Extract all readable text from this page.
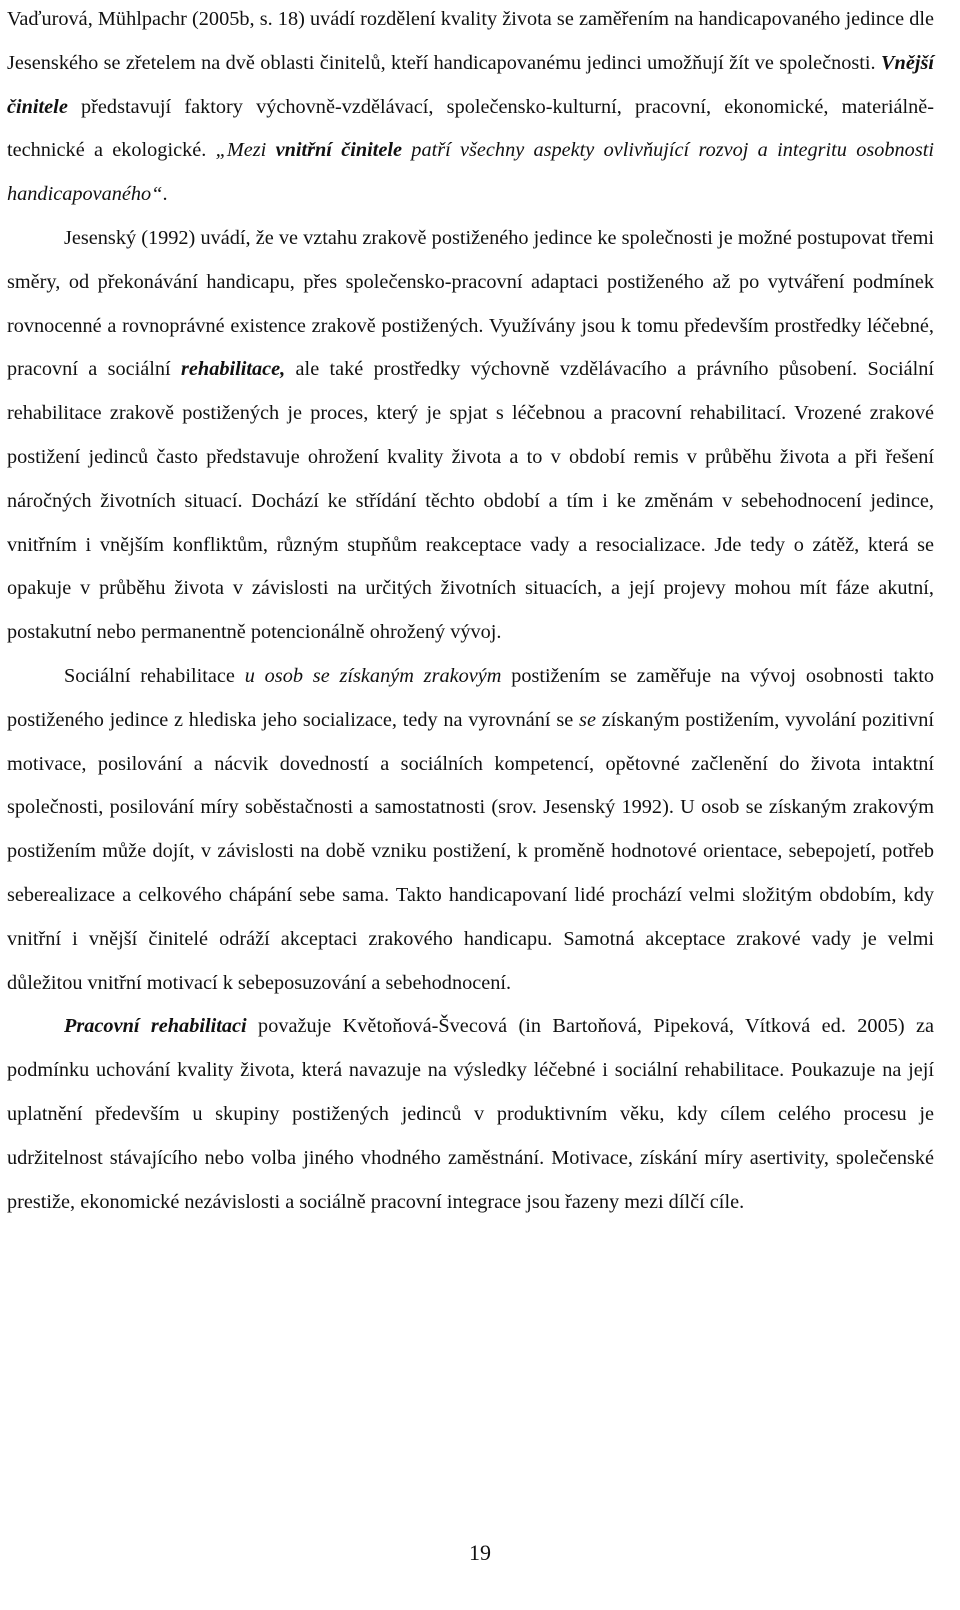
Vaďurová, Mühlpachr (2005b, s. 18) uvádí rozdělení kvality života se zaměřením na handicapovaného jedince dle Jesenského se zřetelem na dvě oblasti činitelů, kteří handicapovanému jedinci umožňují žít ve společnosti. Vnější činitele představují faktory výchovně-vzdělávací, společensko-kulturní, pracovní, ekonomické, materiálně-technické a ekologické. „Mezi vnitřní činitele patří všechny aspekty ovlivňující rozvoj a integritu osobnosti handicapovaného“.

Jesenský (1992) uvádí, že ve vztahu zrakově postiženého jedince ke společnosti je možné postupovat třemi směry, od překonávání handicapu, přes společensko-pracovní adaptaci postiženého až po vytváření podmínek rovnocenné a rovnoprávné existence zrakově postižených. Využívány jsou k tomu především prostředky léčebné, pracovní a sociální rehabilitace, ale také prostředky výchovně vzdělávacího a právního působení. Sociální rehabilitace zrakově postižených je proces, který je spjat s léčebnou a pracovní rehabilitací. Vrozené zrakové postižení jedinců často představuje ohrožení kvality života a to v období remis v průběhu života a při řešení náročných životních situací. Dochází ke střídání těchto období a tím i ke změnám v sebehodnocení jedince, vnitřním i vnějším konfliktům, různým stupňům reakceptace vady a resocializace. Jde tedy o zátěž, která se opakuje v průběhu života v závislosti na určitých životních situacích, a její projevy mohou mít fáze akutní, postakutní nebo permanentně potencionálně ohrožený vývoj.

Sociální rehabilitace u osob se získaným zrakovým postižením se zaměřuje na vývoj osobnosti takto postiženého jedince z hlediska jeho socializace, tedy na vyrovnání se se získaným postižením, vyvolání pozitivní motivace, posilování a nácvik dovedností a sociálních kompetencí, opětovné začlenění do života intaktní společnosti, posilování míry soběstačnosti a samostatnosti (srov. Jesenský 1992). U osob se získaným zrakovým postižením může dojít, v závislosti na době vzniku postižení, k proměně hodnotové orientace, sebepojetí, potřeb seberealizace a celkového chápání sebe sama. Takto handicapovaní lidé prochází velmi složitým obdobím, kdy vnitřní i vnější činitelé odráží akceptaci zrakového handicapu. Samotná akceptace zrakové vady je velmi důležitou vnitřní motivací k sebeposuzování a sebehodnocení.

Pracovní rehabilitaci považuje Květoňová-Švecová (in Bartoňová, Pipeková, Vítková ed. 2005) za podmínku uchování kvality života, která navazuje na výsledky léčebné i sociální rehabilitace. Poukazuje na její uplatnění především u skupiny postižených jedinců v produktivním věku, kdy cílem celého procesu je udržitelnost stávajícího nebo volba jiného vhodného zaměstnání. Motivace, získání míry asertivity, společenské prestiže, ekonomické nezávislosti a sociálně pracovní integrace jsou řazeny mezi dílčí cíle.

19
